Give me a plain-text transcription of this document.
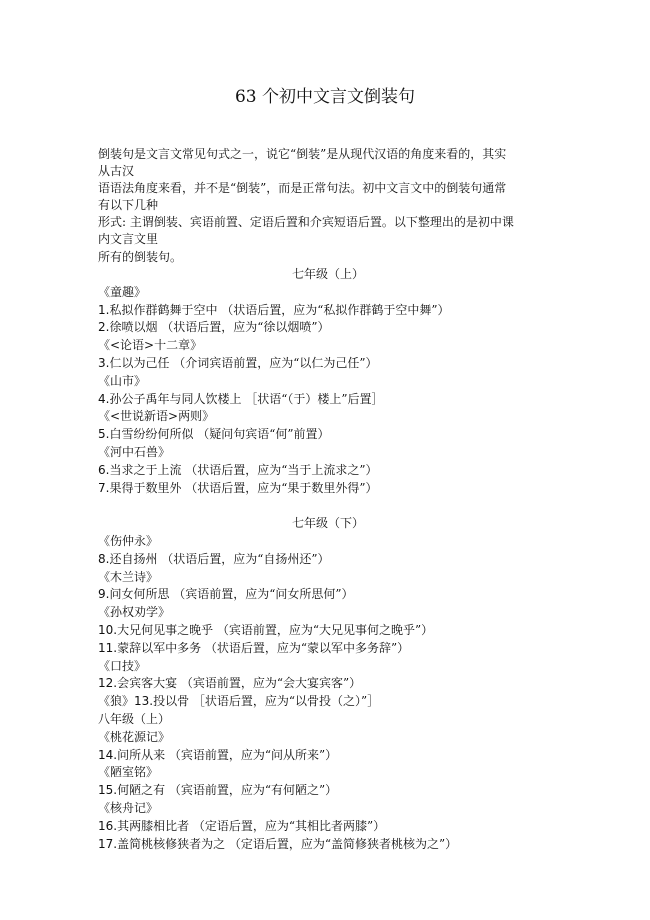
63 个初中文言文倒装句
倒装句是文言文常见句式之一，说它“倒装”是从现代汉语的角度来看的，其实
从古汉
语语法角度来看，并不是“倒装”，而是正常句法。初中文言文中的倒装句通常
有以下几种
形式: 主谓倒装、宾语前置、定语后置和介宾短语后置。以下整理出的是初中课
内文言文里
所有的倒装句。
七年级（上）
《童趣》
1.私拟作群鹤舞于空中 （状语后置，应为“私拟作群鹤于空中舞”）
2.徐喷以烟 （状语后置，应为“徐以烟喷”）
《<论语>十二章》
3.仁以为己任 （介词宾语前置，应为“以仁为己任”）
《山市》
4.孙公子禹年与同人饮楼上 ［状语“（于）楼上”后置］
《<世说新语>两则》
5.白雪纷纷何所似 （疑问句宾语“何”前置）
《河中石兽》
6.当求之于上流 （状语后置，应为“当于上流求之”）
7.果得于数里外 （状语后置，应为“果于数里外得”）
七年级（下）
《伤仲永》
8.还自扬州 （状语后置，应为“自扬州还”）
《木兰诗》
9.问女何所思 （宾语前置，应为“问女所思何”）
《孙权劝学》
10.大兄何见事之晚乎 （宾语前置，应为“大兄见事何之晚乎”）
11.蒙辞以军中多务 （状语后置，应为“蒙以军中多务辞”）
《口技》
12.会宾客大宴 （宾语前置，应为“会大宴宾客”）
《狼》13.投以骨 ［状语后置，应为“以骨投（之）”］
八年级（上）
《桃花源记》
14.问所从来 （宾语前置，应为“问从所来”）
《陋室铭》
15.何陋之有 （宾语前置，应为“有何陋之”）
《核舟记》
16.其两膝相比者 （定语后置，应为“其相比者两膝”）
17.盖简桃核修狭者为之 （定语后置，应为“盖简修狭者桃核为之”）
